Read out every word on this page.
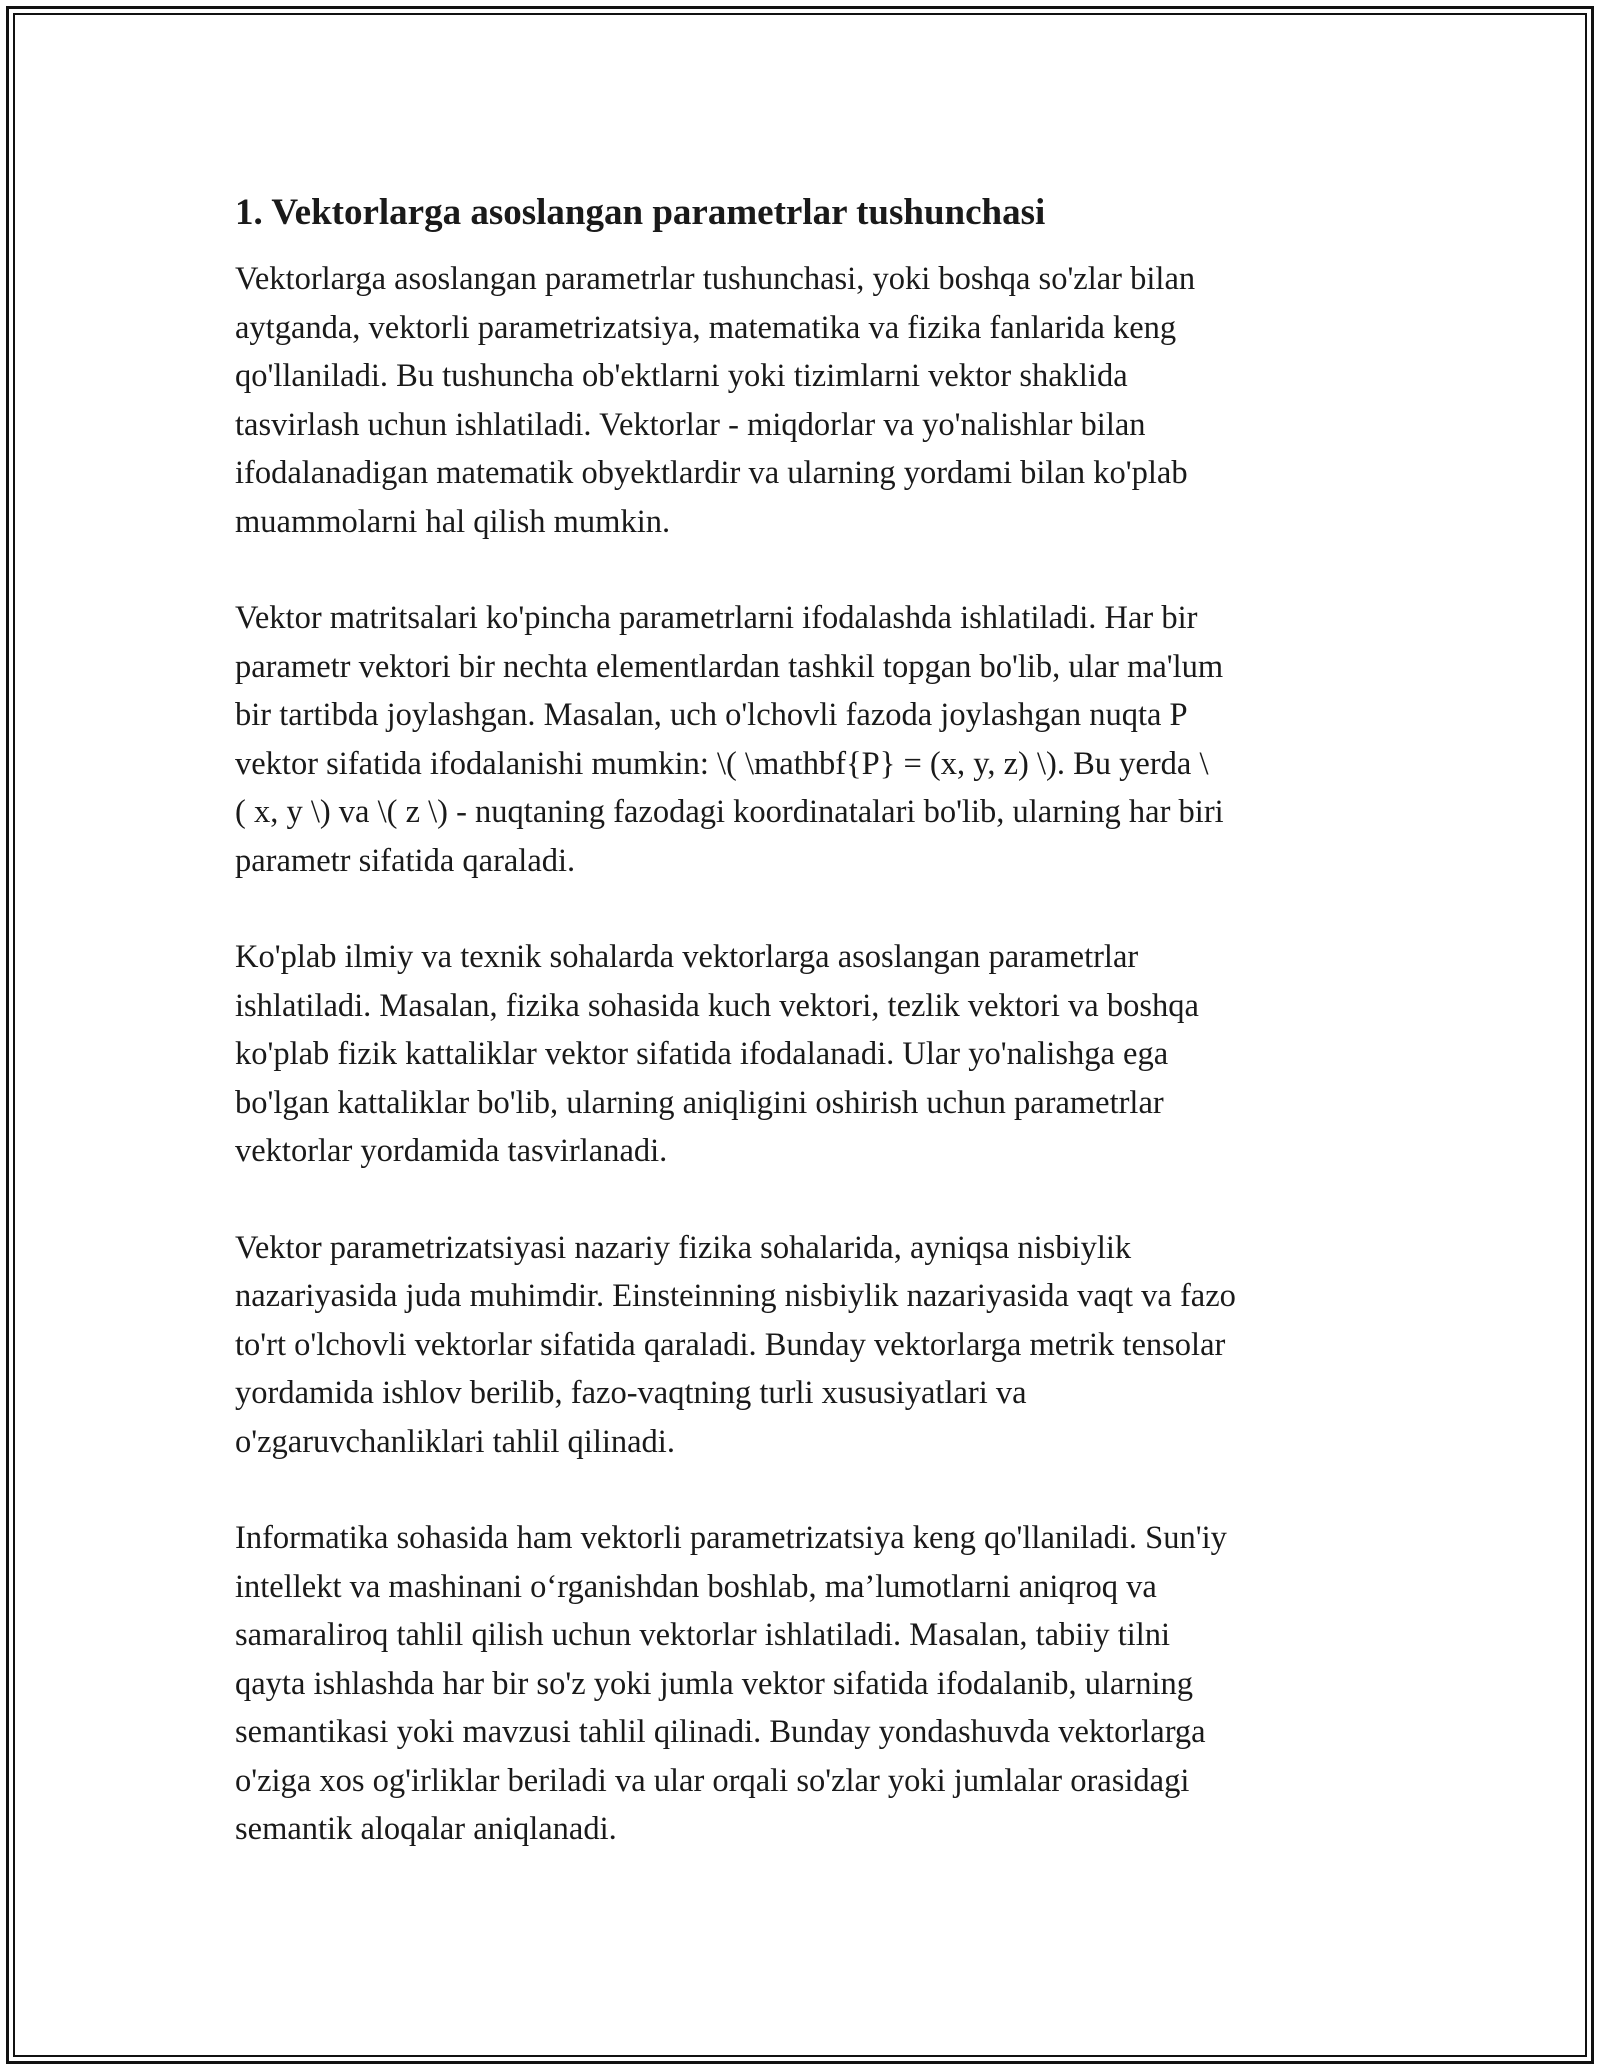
1. Vektorlarga asoslangan parametrlar tushunchasi
Vektorlarga asoslangan parametrlar tushunchasi, yoki boshqa so'zlar bilan
aytganda, vektorli parametrizatsiya, matematika va fizika fanlarida keng
qo'llaniladi. Bu tushuncha ob'ektlarni yoki tizimlarni vektor shaklida
tasvirlash uchun ishlatiladi. Vektorlar - miqdorlar va yo'nalishlar bilan
ifodalanadigan matematik obyektlardir va ularning yordami bilan ko'plab
muammolarni hal qilish mumkin.
Vektor matritsalari ko'pincha parametrlarni ifodalashda ishlatiladi. Har bir
parametr vektori bir nechta elementlardan tashkil topgan bo'lib, ular ma'lum
bir tartibda joylashgan. Masalan, uch o'lchovli fazoda joylashgan nuqta P
vektor sifatida ifodalanishi mumkin: \( \mathbf{P} = (x, y, z) \). Bu yerda \
( x, y \) va \( z \) - nuqtaning fazodagi koordinatalari bo'lib, ularning har biri
parametr sifatida qaraladi.
Ko'plab ilmiy va texnik sohalarda vektorlarga asoslangan parametrlar
ishlatiladi. Masalan, fizika sohasida kuch vektori, tezlik vektori va boshqa
ko'plab fizik kattaliklar vektor sifatida ifodalanadi. Ular yo'nalishga ega
bo'lgan kattaliklar bo'lib, ularning aniqligini oshirish uchun parametrlar
vektorlar yordamida tasvirlanadi.
Vektor parametrizatsiyasi nazariy fizika sohalarida, ayniqsa nisbiylik
nazariyasida juda muhimdir. Einsteinning nisbiylik nazariyasida vaqt va fazo
to'rt o'lchovli vektorlar sifatida qaraladi. Bunday vektorlarga metrik tensolar
yordamida ishlov berilib, fazo-vaqtning turli xususiyatlari va
o'zgaruvchanliklari tahlil qilinadi.
Informatika sohasida ham vektorli parametrizatsiya keng qo'llaniladi. Sun'iy
intellekt va mashinani o‘rganishdan boshlab, ma’lumotlarni aniqroq va
samaraliroq tahlil qilish uchun vektorlar ishlatiladi. Masalan, tabiiy tilni
qayta ishlashda har bir so'z yoki jumla vektor sifatida ifodalanib, ularning
semantikasi yoki mavzusi tahlil qilinadi. Bunday yondashuvda vektorlarga
o'ziga xos og'irliklar beriladi va ular orqali so'zlar yoki jumlalar orasidagi
semantik aloqalar aniqlanadi.
